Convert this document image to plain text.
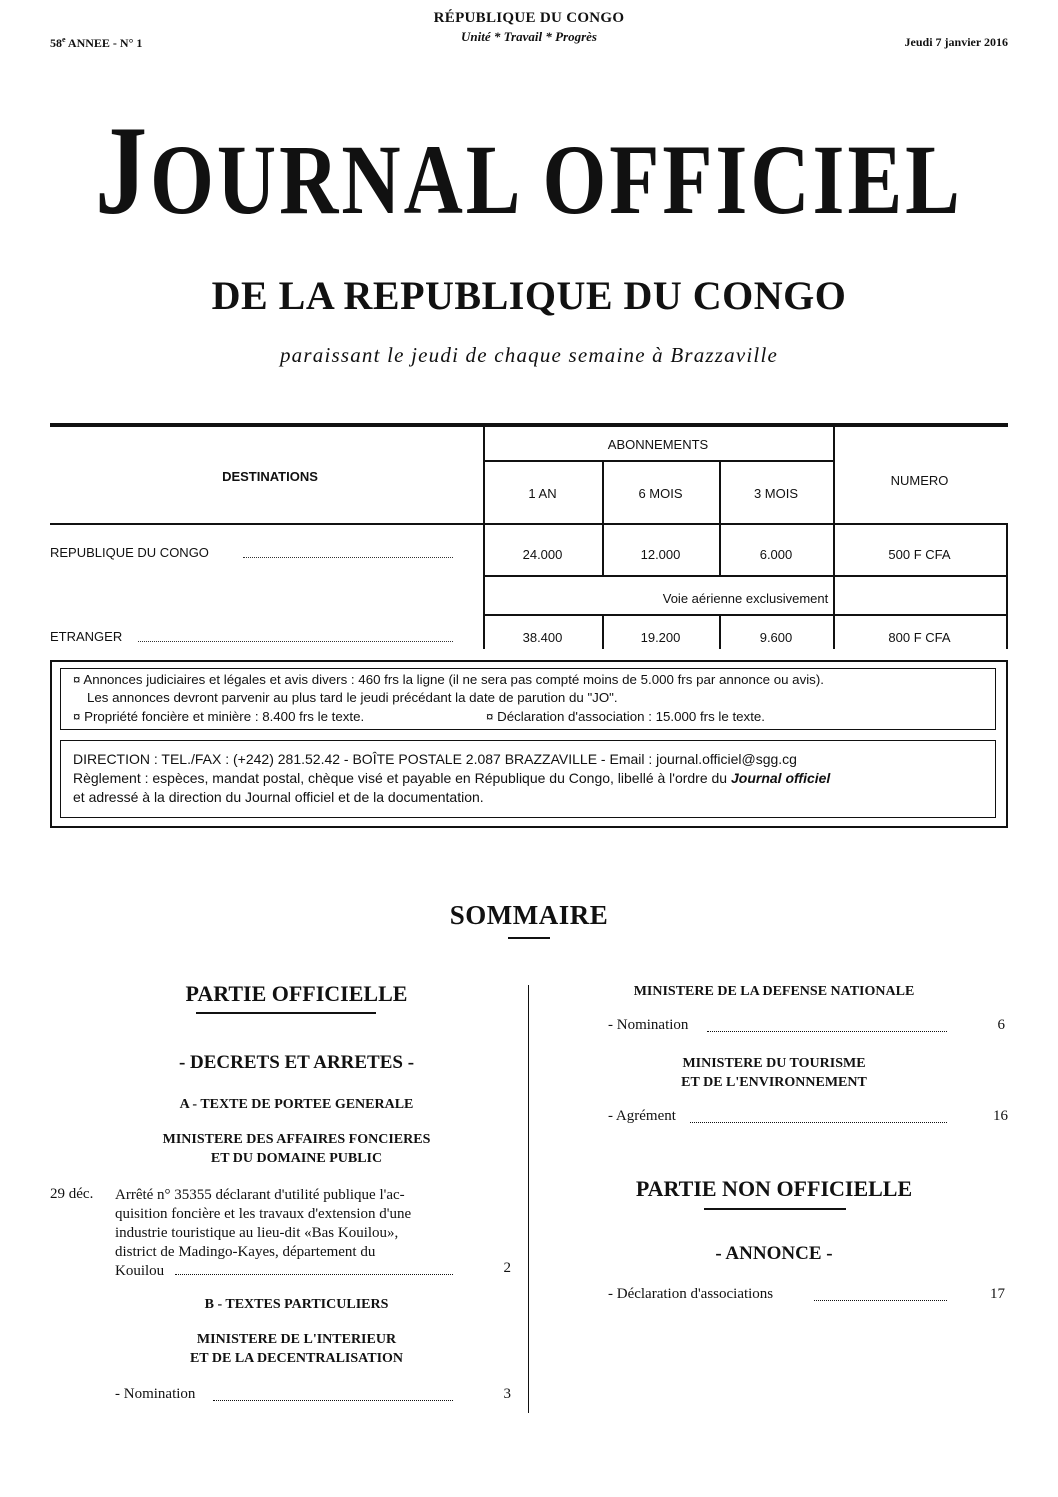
58e ANNEE - N° 1
RÉPUBLIQUE DU CONGO
Unité * Travail * Progrès	Jeudi 7 janvier 2016
JOURNAL OFFICIEL
DE LA REPUBLIQUE DU CONGO
paraissant le jeudi de chaque semaine à Brazzaville
DESTINATIONS
ABONNEMENTS
1 AN	6 MOIS	3 MOIS
NUMERO
REPUBLIQUE DU CONGO	24.000	12.000	6.000	500 F CFA
Voie aérienne exclusivement
ETRANGER	38.400	19.200	9.600	800 F CFA
¤ Annonces judiciaires et légales et avis divers : 460 frs la ligne (il ne sera pas compté moins de 5.000 frs par annonce ou avis).
Les annonces devront parvenir au plus tard le jeudi précédant la date de parution du "JO".
¤ Propriété foncière et minière : 8.400 frs le texte.	¤ Déclaration d'association : 15.000 frs le texte.
DIRECTION : TEL./FAX : (+242) 281.52.42 - BOÎTE POSTALE 2.087 BRAZZAVILLE - Email : journal.officiel@sgg.cg
Règlement : espèces, mandat postal, chèque visé et payable en République du Congo, libellé à l'ordre du Journal officiel
et adressé à la direction du Journal officiel et de la documentation.
SOMMAIRE
PARTIE OFFICIELLE
- DECRETS ET ARRETES -
A - TEXTE DE PORTEE GENERALE
MINISTERE DES AFFAIRES FONCIERES
ET DU DOMAINE PUBLIC
29 déc. Arrêté n° 35355 déclarant d'utilité publique l'ac-
quisition foncière et les travaux d'extension d'une
industrie touristique au lieu-dit «Bas Kouilou»,
district de Madingo-Kayes, département du
Kouilou	2
B - TEXTES PARTICULIERS
MINISTERE DE L'INTERIEUR
ET DE LA DECENTRALISATION
- Nomination	3
MINISTERE DE LA DEFENSE NATIONALE
- Nomination	6
MINISTERE DU TOURISME
ET DE L'ENVIRONNEMENT
- Agrément	16
PARTIE NON OFFICIELLE
- ANNONCE -
- Déclaration d'associations	17
